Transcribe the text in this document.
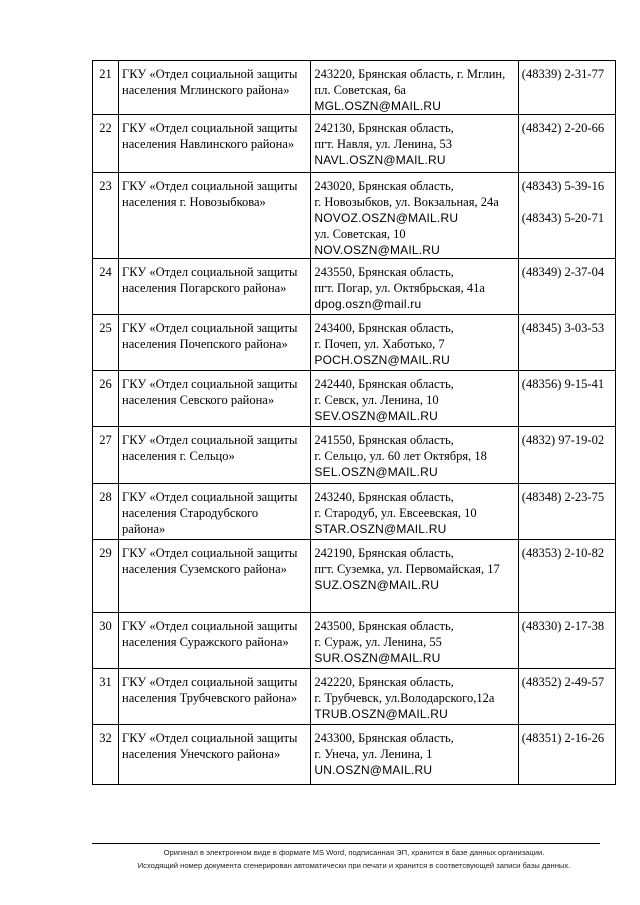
21	ГКУ «Отдел социальной защиты
населения Мглинского района»	243220, Брянская область, г. Мглин,
пл. Советская, 6а
MGL.OSZN@MAIL.RU	(48339) 2-31-77

22	ГКУ «Отдел социальной защиты
населения Навлинского района»	242130, Брянская область,
пгт. Навля, ул. Ленина, 53
NAVL.OSZN@MAIL.RU	(48342) 2-20-66

23	ГКУ «Отдел социальной защиты
населения г. Новозыбкова»	243020, Брянская область,
г. Новозыбков, ул. Вокзальная, 24а
NOVOZ.OSZN@MAIL.RU
ул. Советская, 10
NOV.OSZN@MAIL.RU	(48343) 5-39-16
(48343) 5-20-71

24	ГКУ «Отдел социальной защиты
населения Погарского района»	243550, Брянская область,
пгт. Погар, ул. Октябрьская, 41а
dpog.oszn@mail.ru	(48349) 2-37-04

25	ГКУ «Отдел социальной защиты
населения Почепского района»	243400, Брянская область,
г. Почеп, ул. Хаботько, 7
POCH.OSZN@MAIL.RU	(48345) 3-03-53

26	ГКУ «Отдел социальной защиты
населения Севского района»	242440, Брянская область,
г. Севск, ул. Ленина, 10
SEV.OSZN@MAIL.RU	(48356) 9-15-41

27	ГКУ «Отдел социальной защиты
населения г. Сельцо»	241550, Брянская область,
г. Сельцо, ул. 60 лет Октября, 18
SEL.OSZN@MAIL.RU	(4832) 97-19-02

28	ГКУ «Отдел социальной защиты
населения Стародубского
района»	243240, Брянская область,
г. Стародуб, ул. Евсеевская, 10
STAR.OSZN@MAIL.RU	(48348) 2-23-75

29	ГКУ «Отдел социальной защиты
населения Суземского района»	242190, Брянская область,
пгт. Суземка, ул. Первомайская, 17
SUZ.OSZN@MAIL.RU	(48353) 2-10-82

30	ГКУ «Отдел социальной защиты
населения Суражского района»	243500, Брянская область,
г. Сураж, ул. Ленина, 55
SUR.OSZN@MAIL.RU	(48330) 2-17-38

31	ГКУ «Отдел социальной защиты
населения Трубчевского района»	242220, Брянская область,
г. Трубчевск, ул.Володарского,12а
TRUB.OSZN@MAIL.RU	(48352) 2-49-57

32	ГКУ «Отдел социальной защиты
населения Унечского района»	243300, Брянская область,
г. Унеча, ул. Ленина, 1
UN.OSZN@MAIL.RU	(48351) 2-16-26
Оригинал в электронном виде в формате MS Word, подписанная ЭП, хранится в базе данных организации.
Исходящий номер документа сгенерирован автоматически при печати и хранится в соответсвующей записи базы данных.
